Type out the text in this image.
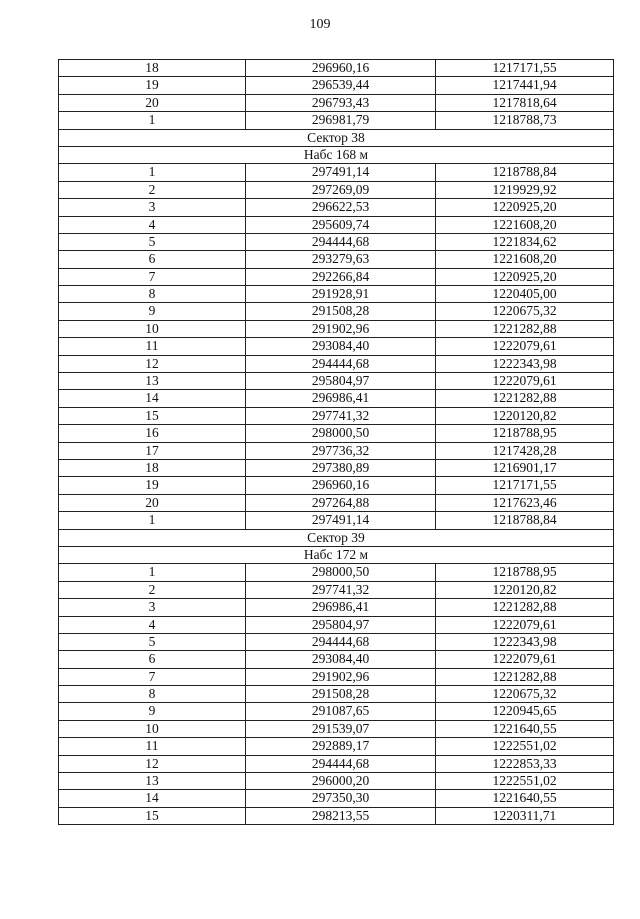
109
18	296960,16	1217171,55
19	296539,44	1217441,94
20	296793,43	1217818,64
1	296981,79	1218788,73
Сектор 38
Набс 168 м
1	297491,14	1218788,84
2	297269,09	1219929,92
3	296622,53	1220925,20
4	295609,74	1221608,20
5	294444,68	1221834,62
6	293279,63	1221608,20
7	292266,84	1220925,20
8	291928,91	1220405,00
9	291508,28	1220675,32
10	291902,96	1221282,88
11	293084,40	1222079,61
12	294444,68	1222343,98
13	295804,97	1222079,61
14	296986,41	1221282,88
15	297741,32	1220120,82
16	298000,50	1218788,95
17	297736,32	1217428,28
18	297380,89	1216901,17
19	296960,16	1217171,55
20	297264,88	1217623,46
1	297491,14	1218788,84
Сектор 39
Набс 172 м
1	298000,50	1218788,95
2	297741,32	1220120,82
3	296986,41	1221282,88
4	295804,97	1222079,61
5	294444,68	1222343,98
6	293084,40	1222079,61
7	291902,96	1221282,88
8	291508,28	1220675,32
9	291087,65	1220945,65
10	291539,07	1221640,55
11	292889,17	1222551,02
12	294444,68	1222853,33
13	296000,20	1222551,02
14	297350,30	1221640,55
15	298213,55	1220311,71
